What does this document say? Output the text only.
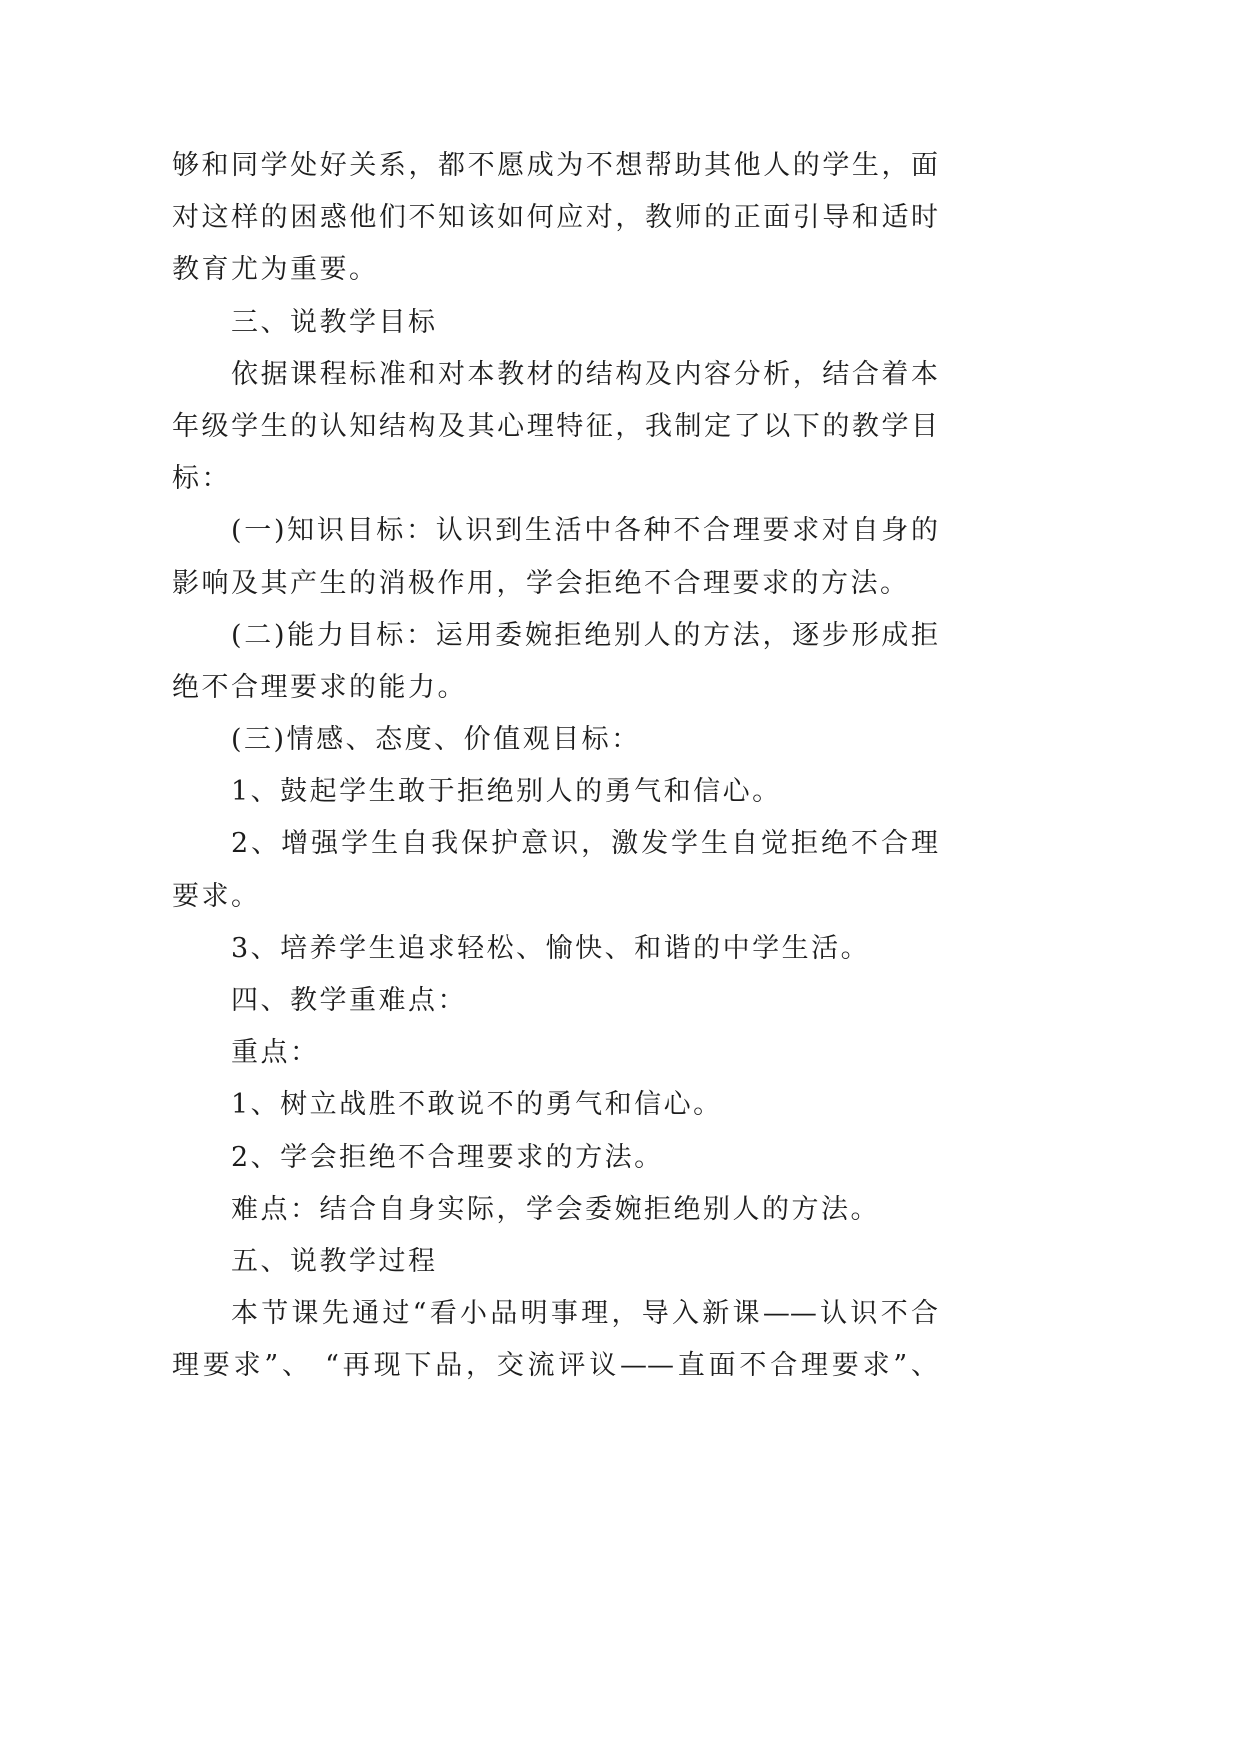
够和同学处好关系，都不愿成为不想帮助其他人的学生，面
对这样的困惑他们不知该如何应对，教师的正面引导和适时
教育尤为重要。
三、说教学目标
依据课程标准和对本教材的结构及内容分析，结合着本
年级学生的认知结构及其心理特征，我制定了以下的教学目
标：
(一)知识目标：认识到生活中各种不合理要求对自身的
影响及其产生的消极作用，学会拒绝不合理要求的方法。
(二)能力目标：运用委婉拒绝别人的方法，逐步形成拒
绝不合理要求的能力。
(三)情感、态度、价值观目标：
1、鼓起学生敢于拒绝别人的勇气和信心。
2、增强学生自我保护意识，激发学生自觉拒绝不合理
要求。
3、培养学生追求轻松、愉快、和谐的中学生活。
四、教学重难点：
重点：
1、树立战胜不敢说不的勇气和信心。
2、学会拒绝不合理要求的方法。
难点：结合自身实际，学会委婉拒绝别人的方法。
五、说教学过程
本节课先通过“看小品明事理，导入新课——认识不合
理要求”、 “再现下品，交流评议——直面不合理要求”、
